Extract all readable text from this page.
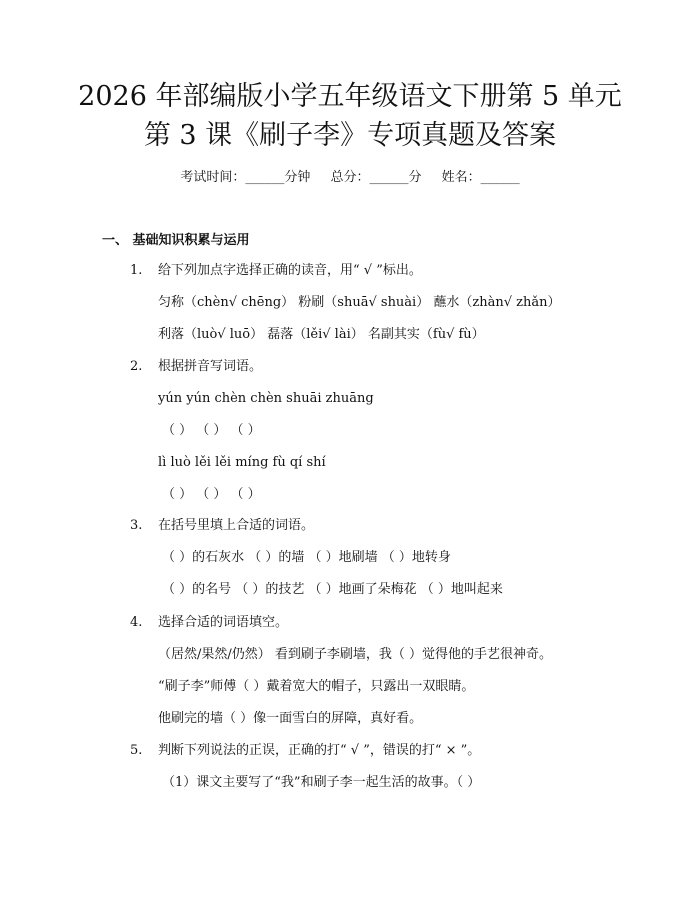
2026 年部编版小学五年级语文下册第 5 单元
第 3 课《刷子李》专项真题及答案
考试时间：______分钟 总分：______分 姓名：______
一、 基础知识积累与运用
1. 给下列加点字选择正确的读音，用“ √ ”标出。
匀称（chèn√ chēng） 粉刷（shuā√ shuài） 蘸水（zhàn√ zhǎn）
利落（luò√ luō） 磊落（lěi√ lài） 名副其实（fù√ fù）
2. 根据拼音写词语。
yún yún chèn chèn shuāi zhuāng
（ ） （ ） （ ）
lì luò lěi lěi míng fù qí shí
（ ） （ ） （ ）
3. 在括号里填上合适的词语。
（ ）的石灰水 （ ）的墙 （ ）地刷墙 （ ）地转身
（ ）的名号 （ ）的技艺 （ ）地画了朵梅花 （ ）地叫起来
4. 选择合适的词语填空。
（居然/果然/仍然） 看到刷子李刷墙，我（ ）觉得他的手艺很神奇。
“刷子李”师傅（ ）戴着宽大的帽子，只露出一双眼睛。
他刷完的墙（ ）像一面雪白的屏障，真好看。
5. 判断下列说法的正误，正确的打“ √ ”，错误的打“ × ”。
（1）课文主要写了“我”和刷子李一起生活的故事。（ ）
